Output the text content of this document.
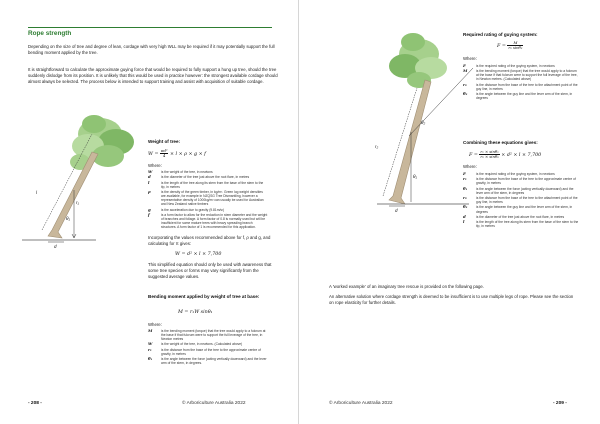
Rope strength

Depending on the size of tree and degree of lean, cordage with very high WLL may be required if it may potentially support the full bending moment applied by the tree.

It is straightforward to calculate the approximate guying force that would be required to fully support a hung up tree, should the tree suddenly dislodge from its position. It is unlikely that this would be used in practice however: the strongest available cordage should almost always be selected. The process below is intended to support training and assist with acquisition of suitable cordage.

l
d
θ₁
r₁
Weight of tree:
$W = \frac{\text{πd²}}{4} \times l \times \rho \times g \times f$
Where:
W	is the weight of the tree, in newtons
d	is the diameter of the tree just above the root flare, in metres
l	is the length of the tree along its stem from the base of the stem to the tip, in metres
ρ	is the density of the green timber, in kg/m³. Green log weight densities are available, for example in NZQSG Tree Dismantling, however a representative density of 1000kg/m³ can usually be used for Australian and New Zealand native timbers
g	is the acceleration due to gravity (9.81m/s²)
f	is a form factor to allow for the reduction in stem diameter and the weight of branches and foliage. A form factor of 0.8 is normally used but will be insufficient for some mature trees with heavy spreading branch structures. A form factor of 1 is recommended for this application.

Incorporating the values recommended above for f, ρ and g, and calculating for π gives:

W = d² × l × 7,700

This simplified equation should only be used with awareness that some tree species or forms may vary significantly from the suggested average values.

Bending moment applied by weight of tree at base:
M = r₁W sinθ₁
Where:
M	is the bending moment (torque) that the tree would apply to a fulcrum at the base if that fulcrum were to support the full leverage of the tree, in Newton metres
W	is the weight of the tree, in newtons. (Calculated above)
r₁	is the distance from the base of the tree to the approximate centre of gravity, in metres
θ₁	is the angle between the force (acting vertically downward) and the lever arm of the stem, in degrees.
- 208 -	© Arboriculture Australia 2022
r₂
θ₂
θ₁
d
Required rating of guying system:
$F = \frac{M}{\text{r₂ sinθ₂}}$
Where:
F	is the required rating of the guying system, in newtons
M	is the bending moment (torque) that the tree would apply to a fulcrum at the base if that fulcrum were to support the full leverage of the tree, in Newton metres. (Calculated above)
r₂	is the distance from the base of the tree to the attachment point of the guy line, in metres
θ₂	is the angle between the guy line and the lever arm of the stem, in degrees
Combining these equations gives:
$F = \frac{\text{r₁ × sinθ₁}}{\text{r₂ × sinθ₂}} \times d^2 \times l \times 7,700$
Where:
F	is the required rating of the guying system, in newtons
r₁	is the distance from the base of the tree to the approximate centre of gravity, in metres
θ₁	is the angle between the force (acting vertically downward) and the lever arm of the stem, in degrees
r₂	is the distance from the base of the tree to the attachment point of the guy line, in metres
θ₂	is the angle between the guy line and the lever arm of the stem, in degrees
d	is the diameter of the tree just above the root flare, in metres
l	is the length of the tree along its stem from the base of the stem to the tip, in metres

A 'worked example' of an imaginary tree rescue is provided on the following page.

An alternative solution where cordage strength is deemed to be insufficient is to use multiple legs of rope. Please see the section on rope elasticity for further details.

© Arboriculture Australia 2022	- 209 -
